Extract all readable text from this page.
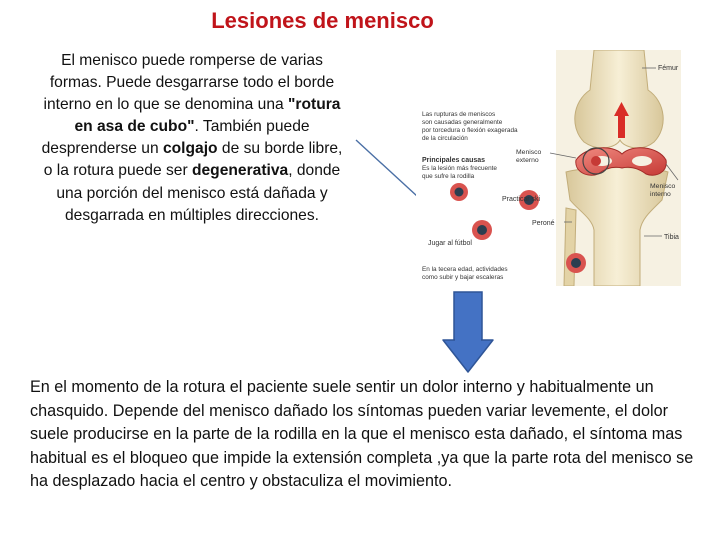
Lesiones de menisco

El menisco puede romperse de varias formas. Puede desgarrarse todo el borde interno en lo que se denomina una "rotura en asa de cubo". También puede desprenderse un colgajo de su borde libre, o la rotura puede ser degenerativa, donde una porción del menisco está dañada y desgarrada en múltiples direcciones.

Fémur
Las rupturas de meniscos
son causadas generalmente
por torcedura o flexión exagerada
de la circulación
Principales causas
Es la lesión más frecuente
que sufre la rodilla
Menisco
externo
Practicar ski
Menisco
interno
Peroné
Jugar al fútbol
Tibia
En la tecera edad, actividades
como subir y bajar escaleras

En el momento de la rotura el paciente suele sentir un dolor interno y habitualmente un chasquido. Depende del menisco dañado los síntomas pueden variar levemente, el dolor suele producirse en la parte de la rodilla en la que el menisco esta dañado, el síntoma mas habitual es el bloqueo que impide la extensión completa ,ya que la parte rota del menisco se ha desplazado hacia el centro y obstaculiza el movimiento.
